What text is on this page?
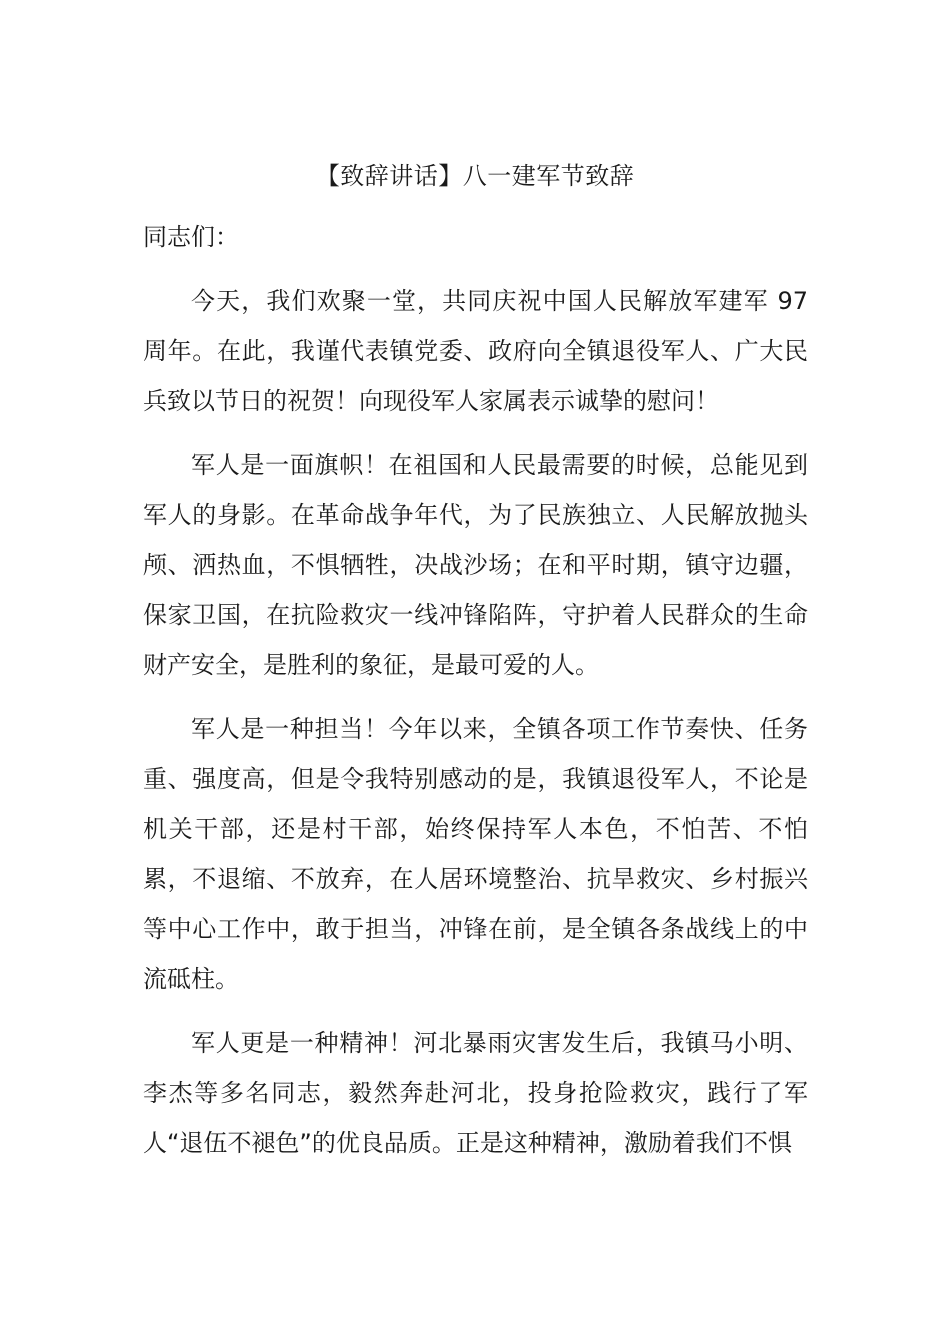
【致辞讲话】八一建军节致辞

同志们：

今天，我们欢聚一堂，共同庆祝中国人民解放军建军 97 周年。在此，我谨代表镇党委、政府向全镇退役军人、广大民兵致以节日的祝贺！向现役军人家属表示诚挚的慰问！

军人是一面旗帜！在祖国和人民最需要的时候，总能见到军人的身影。在革命战争年代，为了民族独立、人民解放抛头颅、洒热血，不惧牺牲，决战沙场；在和平时期，镇守边疆，保家卫国，在抗险救灾一线冲锋陷阵，守护着人民群众的生命财产安全，是胜利的象征，是最可爱的人。

军人是一种担当！今年以来，全镇各项工作节奏快、任务重、强度高，但是令我特别感动的是，我镇退役军人，不论是机关干部，还是村干部，始终保持军人本色，不怕苦、不怕累，不退缩、不放弃，在人居环境整治、抗旱救灾、乡村振兴等中心工作中，敢于担当，冲锋在前，是全镇各条战线上的中流砥柱。

军人更是一种精神！河北暴雨灾害发生后，我镇马小明、李杰等多名同志，毅然奔赴河北，投身抢险救灾，践行了军人“退伍不褪色”的优良品质。正是这种精神，激励着我们不惧
